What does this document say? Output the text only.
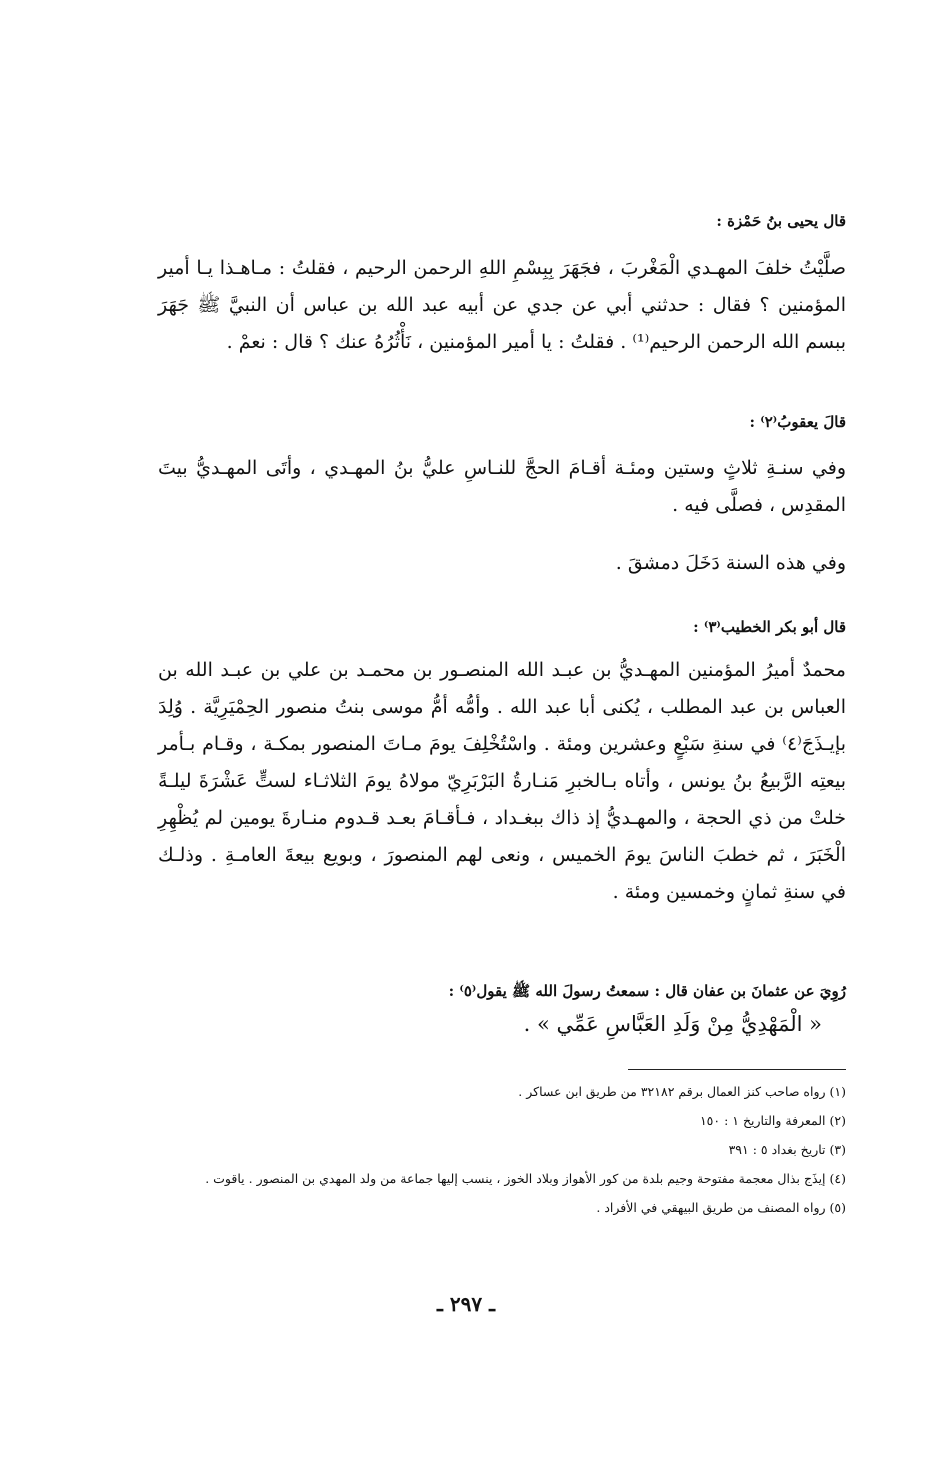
قال يحيى بنُ حَمْزة :

صلَّيْتُ خلفَ المهـدي الْمَغْربَ ، فجَهَرَ بِبِسْمِ اللهِ الرحمن الرحيم ، فقلتُ : مـاهـذا يـا أمير المؤمنين ؟ فقال : حدثني أبي عن جدي عن أبيه عبد الله بن عباس أن النبيَّ ﷺ جَهَرَ ببسم الله الرحمن الرحيم⁽¹⁾ . فقلتُ : يا أمير المؤمنين ، نَأْثُرُهُ عنك ؟ قال : نعمْ .

قالَ يعقوبُ⁽٢⁾ :

وفي سنـةِ ثلاثٍ وستين ومئـة أقـامَ الحجَّ للنـاسِ عليُّ بنُ المهـدي ، وأتَى المهـديُّ بيتَ المقدِس ، فصلَّى فيه .

وفي هذه السنة دَخَلَ دمشقَ .

قال أبو بكر الخطيب⁽٣⁾ :

محمدٌ أميرُ المؤمنين المهـديُّ بن عبـد الله المنصـور بن محمـد بن علي بن عبـد الله بن العباس بن عبد المطلب ، يُكنى أبا عبد الله . وأمُّه أمُّ موسى بنتُ منصور الحِمْيَرِيَّة . وُلِدَ بإيـذَجَ⁽٤⁾ في سنةِ سَبْعٍ وعشرين ومئة . واسْتُخْلِفَ يومَ مـاتَ المنصور بمكـة ، وقـام بـأمر بيعتِه الرَّبيعُ بنُ يونس ، وأتاه بـالخبرِ مَنـارةُ البَرْبَرِيّ مولاهُ يومَ الثلاثـاء لستٍّ عَشْرَةَ ليلـةً خلتْ من ذي الحجة ، والمهـديُّ إذ ذاك ببغـداد ، فـأقـامَ بعـد قـدوم منـارةَ يومين لم يُظْهِرِ الْخَبَرَ ، ثم خطبَ الناسَ يومَ الخميس ، ونعى لهم المنصورَ ، وبويع بيعةَ العامـةِ . وذلـك في سنةِ ثمانٍ وخمسين ومئة .

رُوِيَ عن عثمانَ بن عفان قال : سمعتُ رسولَ الله ﷺ يقول⁽٥⁾ :
« الْمَهْدِيُّ مِنْ وَلَدِ العَبَّاسِ عَمِّي » .

(١) رواه صاحب كنز العمال برقم ٣٢١٨٢ من طريق ابن عساكر .

(٢) المعرفة والتاريخ ١ : ١٥٠

(٣) تاريخ بغداد ٥ : ٣٩١

(٤) إيذَج بذال معجمة مفتوحة وجيم بلدة من كور الأهواز وبلاد الخوز ، ينسب إليها جماعة من ولد المهدي بن المنصور . ياقوت .

(٥) رواه المصنف من طريق البيهقي في الأفراد .

ـ ٢٩٧ ـ
